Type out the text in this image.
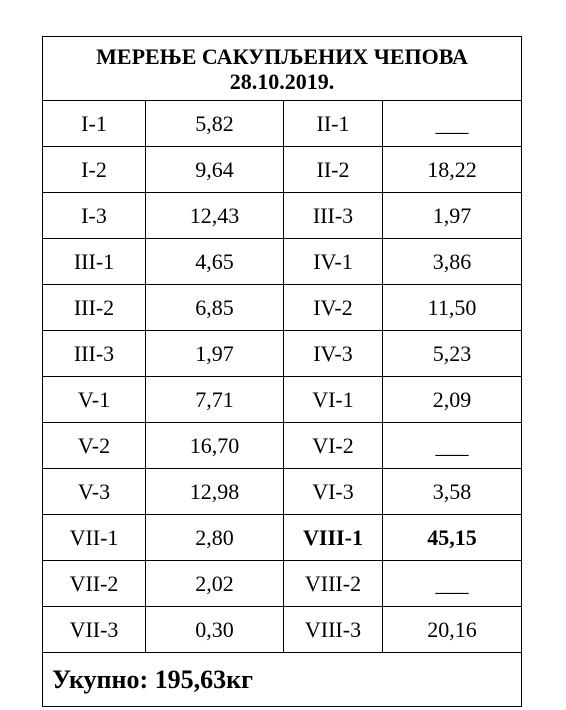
МЕРЕЊЕ САКУПЉЕНИХ ЧЕПОВА
28.10.2019.			

I-1	5,82	II-1	___
I-2	9,64	II-2	18,22
I-3	12,43	III-3	1,97
III-1	4,65	IV-1	3,86
III-2	6,85	IV-2	11,50
III-3	1,97	IV-3	5,23
V-1	7,71	VI-1	2,09
V-2	16,70	VI-2	___
V-3	12,98	VI-3	3,58
VII-1	2,80	VIII-1	45,15
VII-2	2,02	VIII-2	___
VII-3	0,30	VIII-3	20,16
Укупно: 195,63кг			
